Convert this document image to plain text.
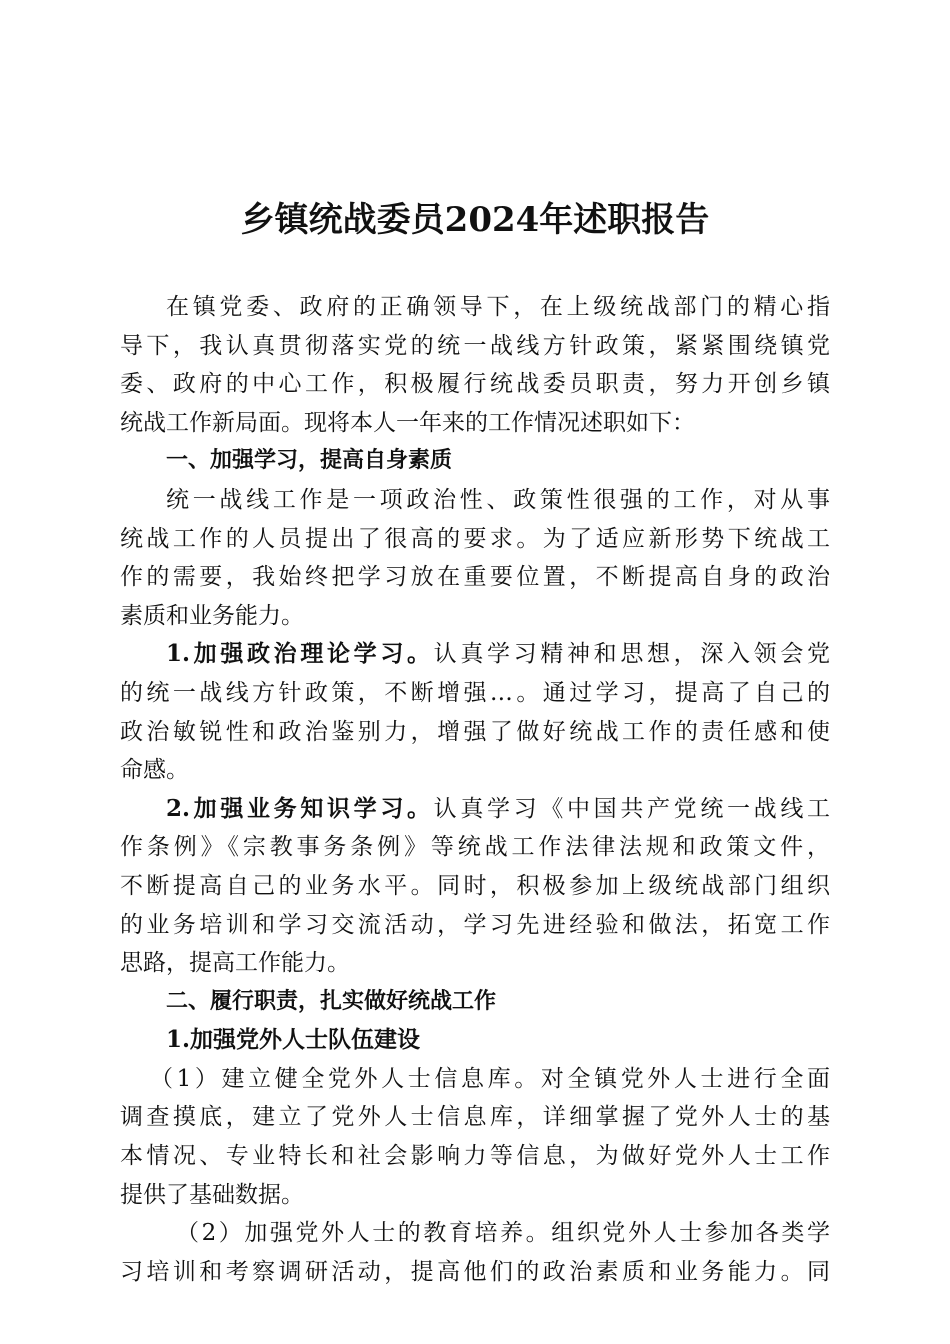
乡镇统战委员2024年述职报告
在镇党委、政府的正确领导下，在上级统战部门的精心指
导下，我认真贯彻落实党的统一战线方针政策，紧紧围绕镇党
委、政府的中心工作，积极履行统战委员职责，努力开创乡镇
统战工作新局面。现将本人一年来的工作情况述职如下：
一、加强学习，提高自身素质
统一战线工作是一项政治性、政策性很强的工作，对从事
统战工作的人员提出了很高的要求。为了适应新形势下统战工
作的需要，我始终把学习放在重要位置，不断提高自身的政治
素质和业务能力。
1.加强政治理论学习。认真学习精神和思想，深入领会党
的统一战线方针政策，不断增强…。通过学习，提高了自己的
政治敏锐性和政治鉴别力，增强了做好统战工作的责任感和使
命感。
2.加强业务知识学习。认真学习《中国共产党统一战线工
作条例》《宗教事务条例》等统战工作法律法规和政策文件，
不断提高自己的业务水平。同时，积极参加上级统战部门组织
的业务培训和学习交流活动，学习先进经验和做法，拓宽工作
思路，提高工作能力。
二、履行职责，扎实做好统战工作
1.加强党外人士队伍建设
（1）建立健全党外人士信息库。对全镇党外人士进行全面
调查摸底，建立了党外人士信息库，详细掌握了党外人士的基
本情况、专业特长和社会影响力等信息，为做好党外人士工作
提供了基础数据。
（2）加强党外人士的教育培养。组织党外人士参加各类学
习培训和考察调研活动，提高他们的政治素质和业务能力。同
